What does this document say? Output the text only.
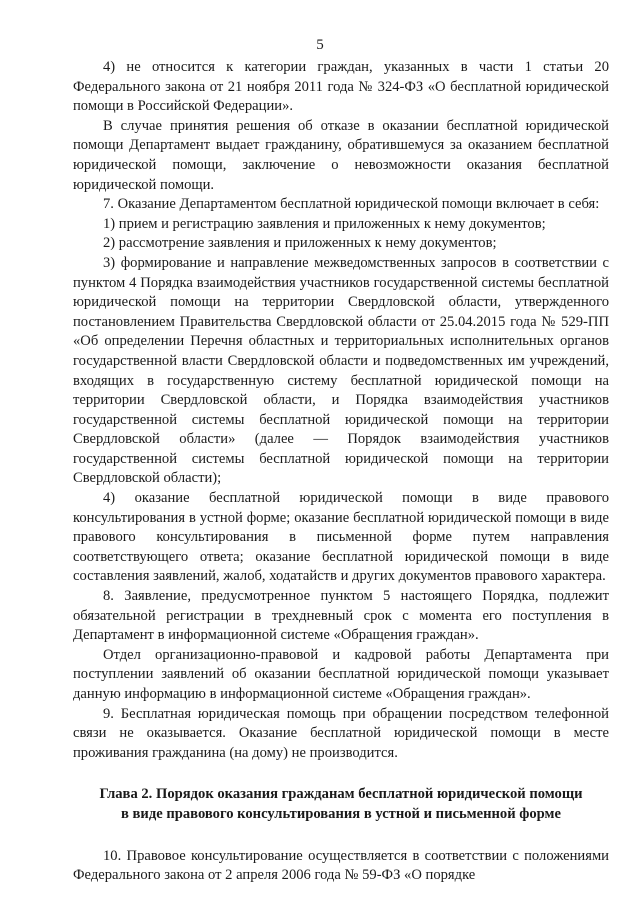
5

4) не относится к категории граждан, указанных в части 1 статьи 20 Федерального закона от 21 ноября 2011 года № 324-ФЗ «О бесплатной юридической помощи в Российской Федерации».

В случае принятия решения об отказе в оказании бесплатной юридической помощи Департамент выдает гражданину, обратившемуся за оказанием бесплатной юридической помощи, заключение о невозможности оказания бесплатной юридической помощи.

7. Оказание Департаментом бесплатной юридической помощи включает в себя:

1) прием и регистрацию заявления и приложенных к нему документов;

2) рассмотрение заявления и приложенных к нему документов;

3) формирование и направление межведомственных запросов в соответствии с пунктом 4 Порядка взаимодействия участников государственной системы бесплатной юридической помощи на территории Свердловской области, утвержденного постановлением Правительства Свердловской области от 25.04.2015 года № 529-ПП «Об определении Перечня областных и территориальных исполнительных органов государственной власти Свердловской области и подведомственных им учреждений, входящих в государственную систему бесплатной юридической помощи на территории Свердловской области, и Порядка взаимодействия участников государственной системы бесплатной юридической помощи на территории Свердловской области» (далее — Порядок взаимодействия участников государственной системы бесплатной юридической помощи на территории Свердловской области);

4) оказание бесплатной юридической помощи в виде правового консультирования в устной форме; оказание бесплатной юридической помощи в виде правового консультирования в письменной форме путем направления соответствующего ответа; оказание бесплатной юридической помощи в виде составления заявлений, жалоб, ходатайств и других документов правового характера.

8. Заявление, предусмотренное пунктом 5 настоящего Порядка, подлежит обязательной регистрации в трехдневный срок с момента его поступления в Департамент в информационной системе «Обращения граждан».

Отдел организационно-правовой и кадровой работы Департамента при поступлении заявлений об оказании бесплатной юридической помощи указывает данную информацию в информационной системе «Обращения граждан».

9. Бесплатная юридическая помощь при обращении посредством телефонной связи не оказывается. Оказание бесплатной юридической помощи в месте проживания гражданина (на дому) не производится.

Глава 2. Порядок оказания гражданам бесплатной юридической помощи
в виде правового консультирования в устной и письменной форме

10. Правовое консультирование осуществляется в соответствии с положениями Федерального закона от 2 апреля 2006 года № 59-ФЗ «О порядке
